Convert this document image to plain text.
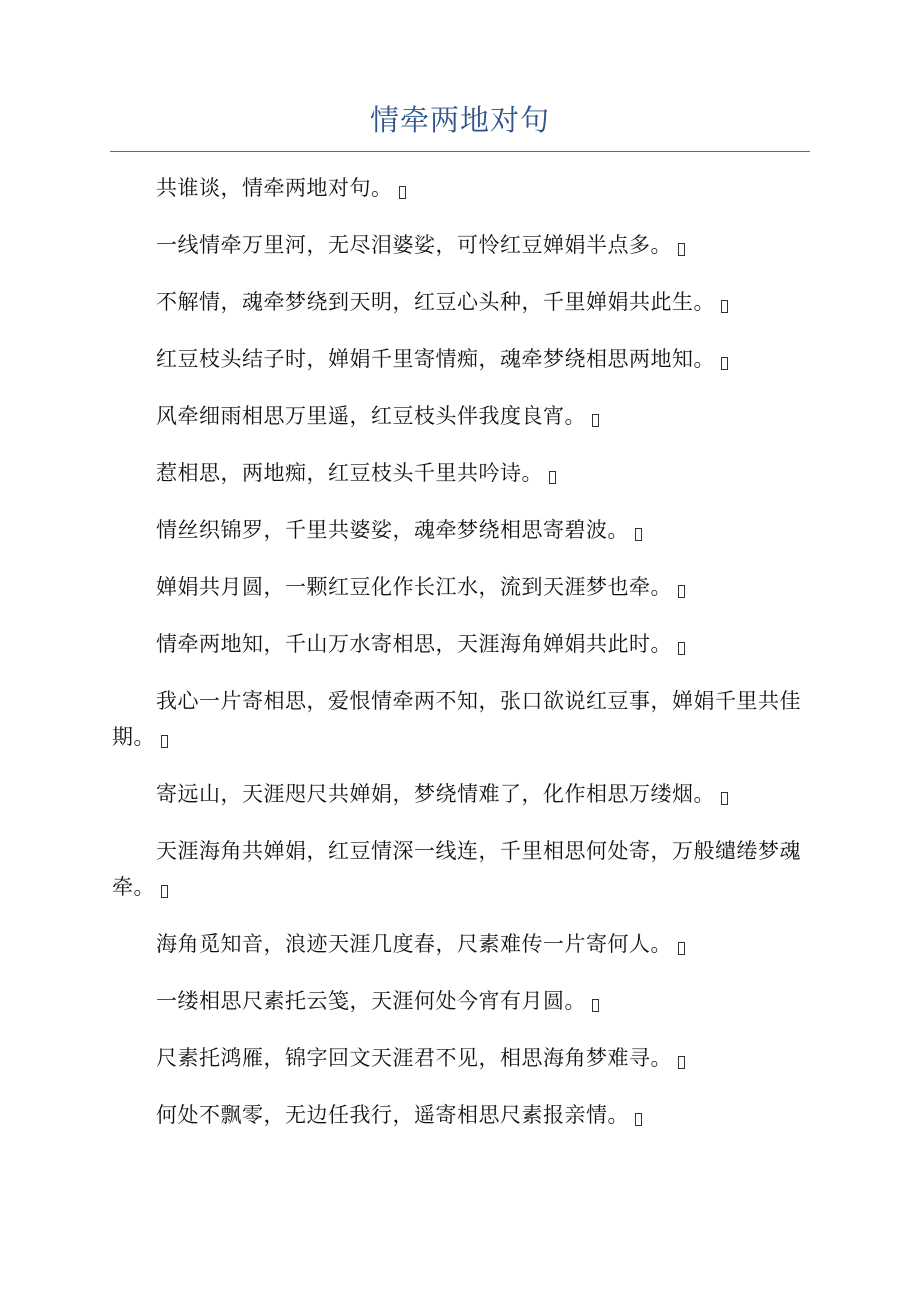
情牵两地对句

共谁谈，情牵两地对句。

一线情牵万里河，无尽泪婆娑，可怜红豆婵娟半点多。

不解情，魂牵梦绕到天明，红豆心头种，千里婵娟共此生。

红豆枝头结子时，婵娟千里寄情痴，魂牵梦绕相思两地知。

风牵细雨相思万里遥，红豆枝头伴我度良宵。

惹相思，两地痴，红豆枝头千里共吟诗。

情丝织锦罗，千里共婆娑，魂牵梦绕相思寄碧波。

婵娟共月圆，一颗红豆化作长江水，流到天涯梦也牵。

情牵两地知，千山万水寄相思，天涯海角婵娟共此时。

我心一片寄相思，爱恨情牵两不知，张口欲说红豆事，婵娟千里共佳期。

寄远山，天涯咫尺共婵娟，梦绕情难了，化作相思万缕烟。

天涯海角共婵娟，红豆情深一线连，千里相思何处寄，万般缱绻梦魂牵。

海角觅知音，浪迹天涯几度春，尺素难传一片寄何人。

一缕相思尺素托云笺，天涯何处今宵有月圆。

尺素托鸿雁，锦字回文天涯君不见，相思海角梦难寻。

何处不飘零，无边任我行，遥寄相思尺素报亲情。
